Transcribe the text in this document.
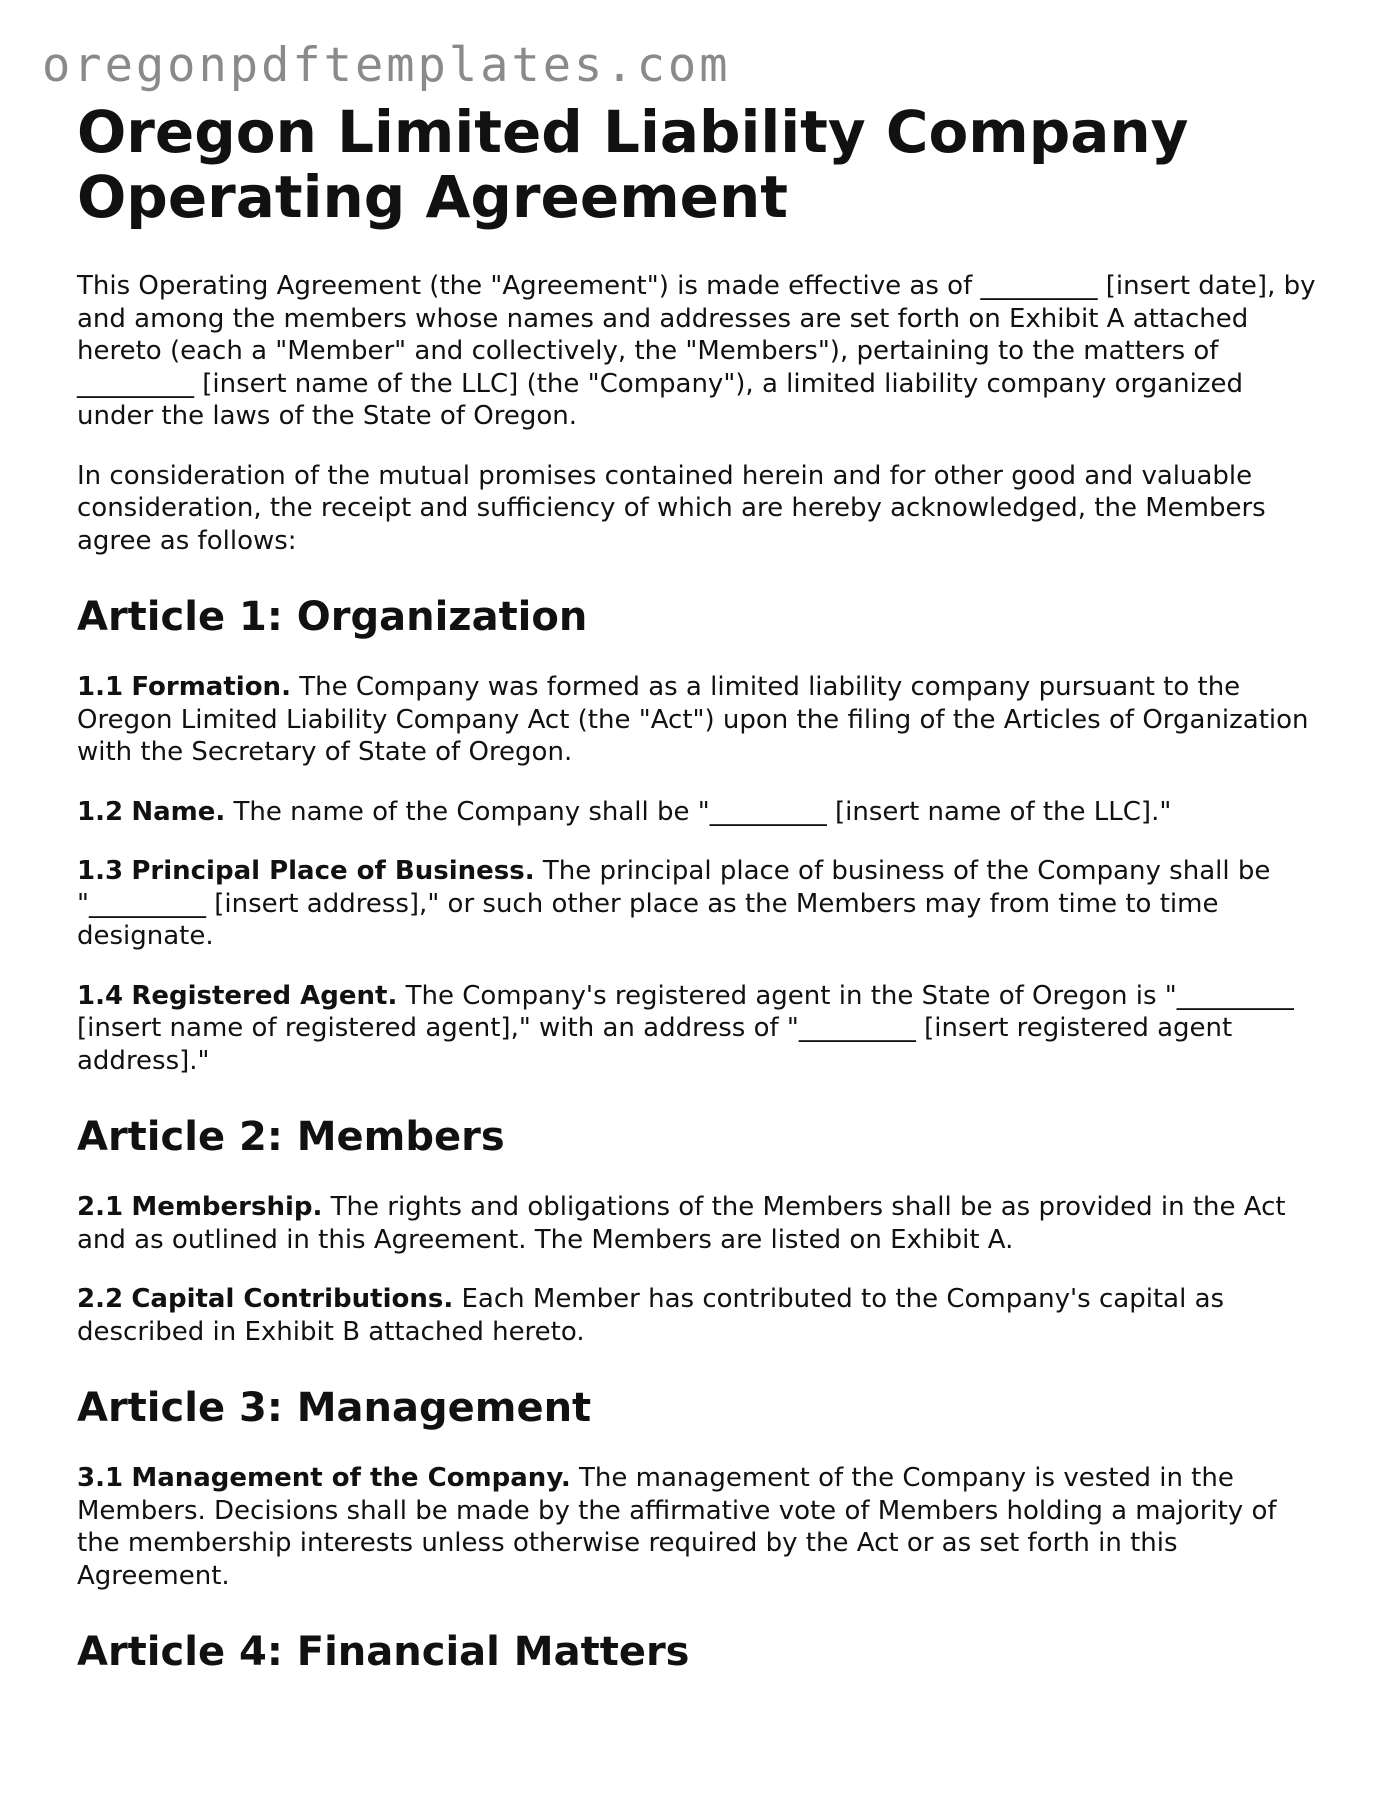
oregonpdftemplates.com
Oregon Limited Liability Company Operating Agreement

This Operating Agreement (the "Agreement") is made effective as of _________ [insert date], by and among the members whose names and addresses are set forth on Exhibit A attached hereto (each a "Member" and collectively, the "Members"), pertaining to the matters of _________ [insert name of the LLC] (the "Company"), a limited liability company organized under the laws of the State of Oregon.

In consideration of the mutual promises contained herein and for other good and valuable consideration, the receipt and sufficiency of which are hereby acknowledged, the Members agree as follows:

Article 1: Organization

1.1 Formation. The Company was formed as a limited liability company pursuant to the Oregon Limited Liability Company Act (the "Act") upon the filing of the Articles of Organization with the Secretary of State of Oregon.

1.2 Name. The name of the Company shall be "_________ [insert name of the LLC]."

1.3 Principal Place of Business. The principal place of business of the Company shall be "_________ [insert address]," or such other place as the Members may from time to time designate.

1.4 Registered Agent. The Company's registered agent in the State of Oregon is "_________ [insert name of registered agent]," with an address of "_________ [insert registered agent address]."

Article 2: Members

2.1 Membership. The rights and obligations of the Members shall be as provided in the Act and as outlined in this Agreement. The Members are listed on Exhibit A.

2.2 Capital Contributions. Each Member has contributed to the Company's capital as described in Exhibit B attached hereto.

Article 3: Management

3.1 Management of the Company. The management of the Company is vested in the Members. Decisions shall be made by the affirmative vote of Members holding a majority of the membership interests unless otherwise required by the Act or as set forth in this Agreement.

Article 4: Financial Matters
